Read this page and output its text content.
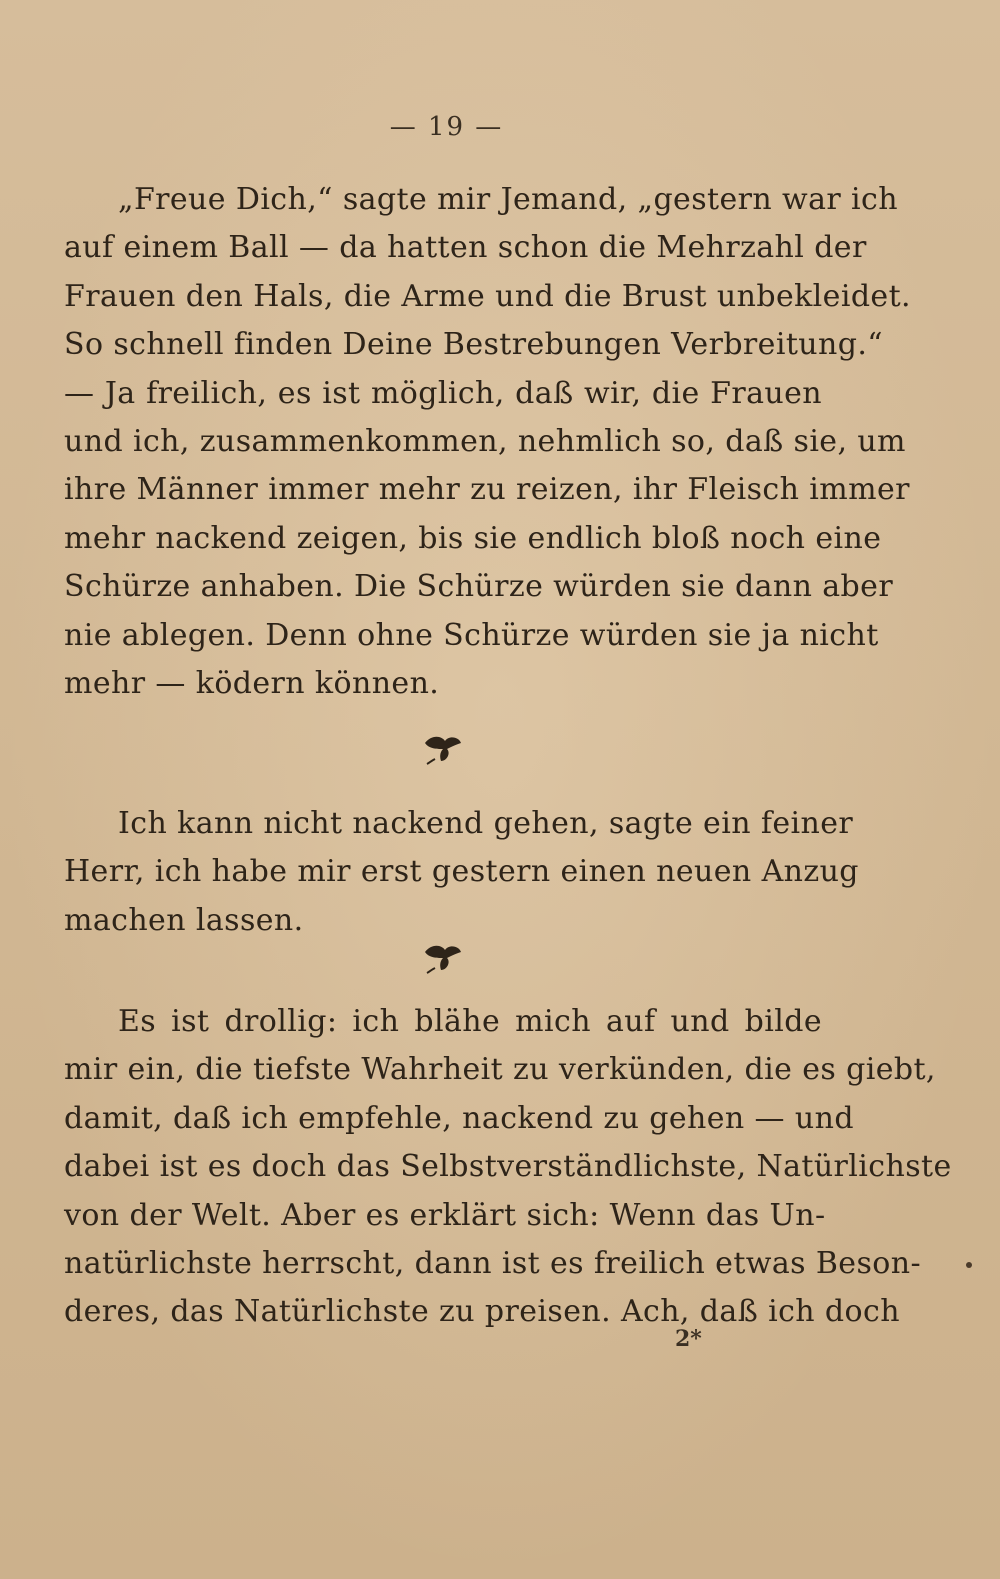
— 19 —
„Freue Dich,“ sagte mir Jemand, „gestern war ich
auf einem Ball — da hatten schon die Mehrzahl der
Frauen den Hals, die Arme und die Brust unbekleidet.
So schnell finden Deine Bestrebungen Verbreitung.“
— Ja freilich, es ist möglich, daß wir, die Frauen
und ich, zusammenkommen, nehmlich so, daß sie, um
ihre Männer immer mehr zu reizen, ihr Fleisch immer
mehr nackend zeigen, bis sie endlich bloß noch eine
Schürze anhaben. Die Schürze würden sie dann aber
nie ablegen. Denn ohne Schürze würden sie ja nicht
mehr — ködern können.
Ich kann nicht nackend gehen, sagte ein feiner
Herr, ich habe mir erst gestern einen neuen Anzug
machen lassen.
Es ist drollig: ich blähe mich auf und bilde
mir ein, die tiefste Wahrheit zu verkünden, die es giebt,
damit, daß ich empfehle, nackend zu gehen — und
dabei ist es doch das Selbstverständlichste, Natürlichste
von der Welt. Aber es erklärt sich: Wenn das Un-
natürlichste herrscht, dann ist es freilich etwas Beson-
deres, das Natürlichste zu preisen. Ach, daß ich doch
2*
